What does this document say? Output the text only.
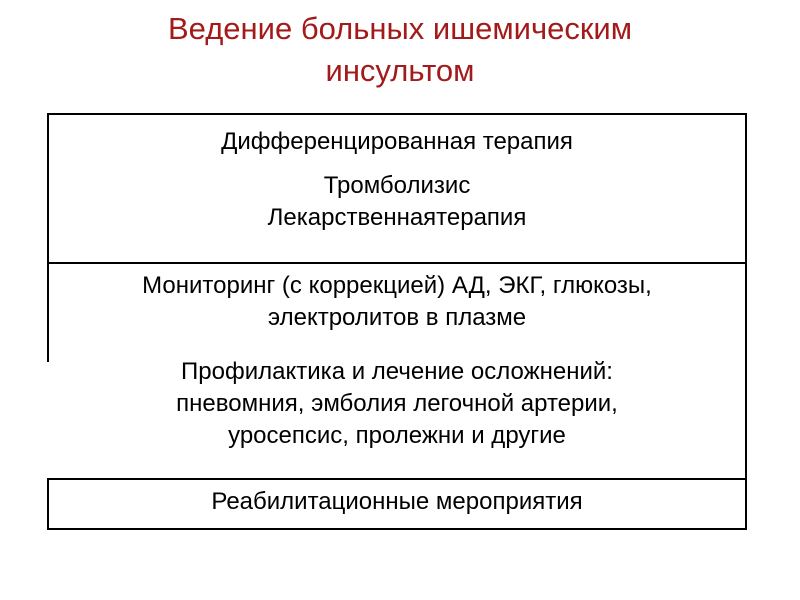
Ведение больных ишемическим
инсультом
Дифференцированная терапия
Тромболизис
Лекарственнаятерапия

Мониторинг (с коррекцией) АД, ЭКГ, глюкозы,
электролитов в плазме
Профилактика и лечение осложнений:
пневомния, эмболия легочной артерии,
уросепсис, пролежни и другие

Реабилитационные мероприятия
